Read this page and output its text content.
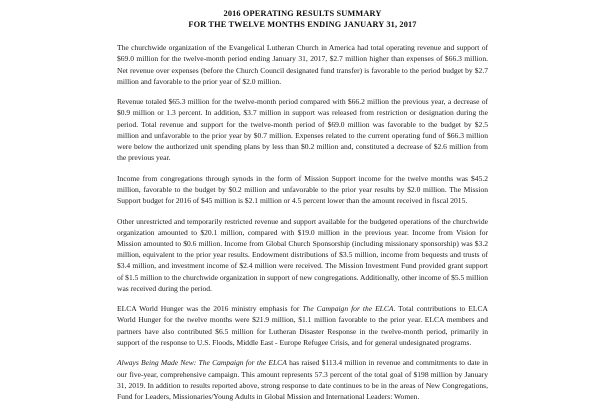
2016 OPERATING RESULTS SUMMARY
FOR THE TWELVE MONTHS ENDING JANUARY 31, 2017

The churchwide organization of the Evangelical Lutheran Church in America had total operating revenue and support of $69.0 million for the twelve-month period ending January 31, 2017, $2.7 million higher than expenses of $66.3 million. Net revenue over expenses (before the Church Council designated fund transfer) is favorable to the period budget by $2.7 million and favorable to the prior year of $2.0 million.

Revenue totaled $65.3 million for the twelve-month period compared with $66.2 million the previous year, a decrease of $0.9 million or 1.3 percent. In addition, $3.7 million in support was released from restriction or designation during the period. Total revenue and support for the twelve-month period of $69.0 million was favorable to the budget by $2.5 million and unfavorable to the prior year by $0.7 million. Expenses related to the current operating fund of $66.3 million were below the authorized unit spending plans by less than $0.2 million and, constituted a decrease of $2.6 million from the previous year.

Income from congregations through synods in the form of Mission Support income for the twelve months was $45.2 million, favorable to the budget by $0.2 million and unfavorable to the prior year results by $2.0 million. The Mission Support budget for 2016 of $45 million is $2.1 million or 4.5 percent lower than the amount received in fiscal 2015.

Other unrestricted and temporarily restricted revenue and support available for the budgeted operations of the churchwide organization amounted to $20.1 million, compared with $19.0 million in the previous year. Income from Vision for Mission amounted to $0.6 million. Income from Global Church Sponsorship (including missionary sponsorship) was $3.2 million, equivalent to the prior year results. Endowment distributions of $3.5 million, income from bequests and trusts of $3.4 million, and investment income of $2.4 million were received. The Mission Investment Fund provided grant support of $1.5 million to the churchwide organization in support of new congregations. Additionally, other income of $5.5 million was received during the period.

ELCA World Hunger was the 2016 ministry emphasis for The Campaign for the ELCA. Total contributions to ELCA World Hunger for the twelve months were $21.9 million, $1.1 million favorable to the prior year. ELCA members and partners have also contributed $6.5 million for Lutheran Disaster Response in the twelve-month period, primarily in support of the response to U.S. Floods, Middle East - Europe Refugee Crisis, and for general undesignated programs.

Always Being Made New: The Campaign for the ELCA has raised $113.4 million in revenue and commitments to date in our five-year, comprehensive campaign. This amount represents 57.3 percent of the total goal of $198 million by January 31, 2019. In addition to results reported above, strong response to date continues to be in the areas of New Congregations, Fund for Leaders, Missionaries/Young Adults in Global Mission and International Leaders: Women.
